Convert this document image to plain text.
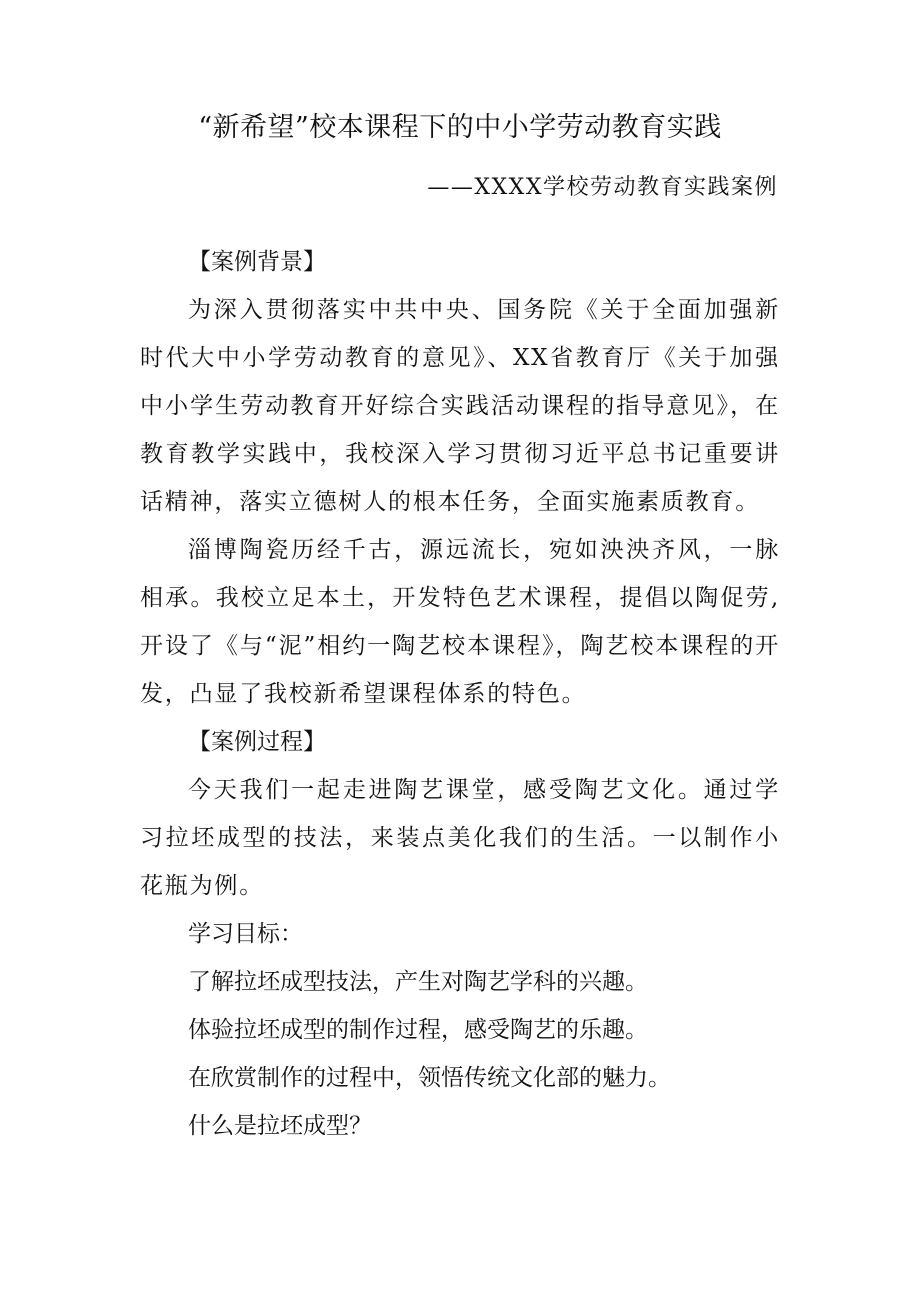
“新希望”校本课程下的中小学劳动教育实践
——XXXX学校劳动教育实践案例

【案例背景】

为深入贯彻落实中共中央、国务院《关于全面加强新时代大中小学劳动教育的意见》、XX省教育厅《关于加强中小学生劳动教育开好综合实践活动课程的指导意见》，在教育教学实践中，我校深入学习贯彻习近平总书记重要讲话精神，落实立德树人的根本任务，全面实施素质教育。

淄博陶瓷历经千古，源远流长，宛如泱泱齐风，一脉相承。我校立足本土，开发特色艺术课程，提倡以陶促劳,开设了《与“泥”相约一陶艺校本课程》，陶艺校本课程的开发，凸显了我校新希望课程体系的特色。

【案例过程】

今天我们一起走进陶艺课堂，感受陶艺文化。通过学习拉坯成型的技法，来装点美化我们的生活。一以制作小花瓶为例。

学习目标：

了解拉坯成型技法，产生对陶艺学科的兴趣。

体验拉坯成型的制作过程，感受陶艺的乐趣。

在欣赏制作的过程中，领悟传统文化部的魅力。

什么是拉坯成型？
